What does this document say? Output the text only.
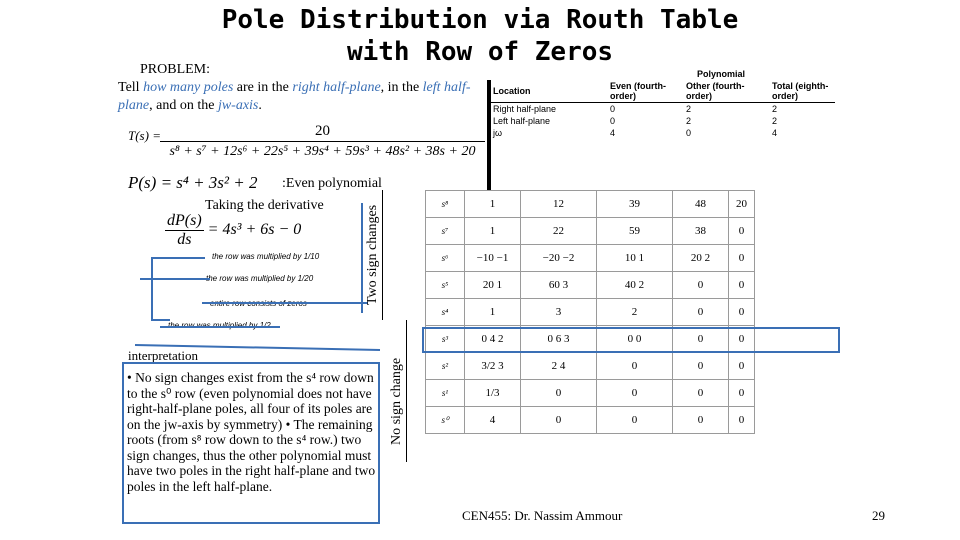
Pole Distribution via Routh Table
with Row of Zeros
PROBLEM:
Tell how many poles are in the right half-plane, in the left half-plane, and on the jw-axis.
$T(s) = \frac{20}{\text{s⁸ + s⁷ + 12s⁶ + 22s⁵ + 39s⁴ + 59s³ + 48s² + 38s + 20}}$
P(s) = s⁴ + 3s² + 2 :Even polynomial
Taking the derivative
$\frac{dP(s)}{ds} = 4s^3 + 6s - 0$
the row was multiplied by 1/10
the row was multiplied by 1/20
entire row consists of zeros
the row was multiplied by 1/2
	Polynomial		
Location	Even (fourth-order)	Other (fourth-order)	Total (eighth-order)
Right half-plane	0	2	2
Left half-plane	0	2	2
jω	4	0	4
Two sign changes
No sign change
s⁸	1	12	39	48	20
s⁷	1	22	59	38	0
s⁶	−10 −1	−20 −2	10 1	20 2	0
s⁵	20 1	60 3	40 2	0	0
s⁴	1	3	2	0	0
s³	0 4 2	0 6 3	0 0	0	0
s²	3/2 3	2 4	0	0	0
s¹	1/3	0	0	0	0
s⁰	4	0	0	0	0
interpretation
• No sign changes exist from the s⁴ row down to the s⁰ row (even polynomial does not have right-half-plane poles, all four of its poles are on the jw-axis by symmetry) • The remaining roots (from s⁸ row down to the s⁴ row.) two sign changes, thus the other polynomial must have two poles in the right half-plane and two poles in the left half-plane.
CEN455: Dr. Nassim Ammour	29
